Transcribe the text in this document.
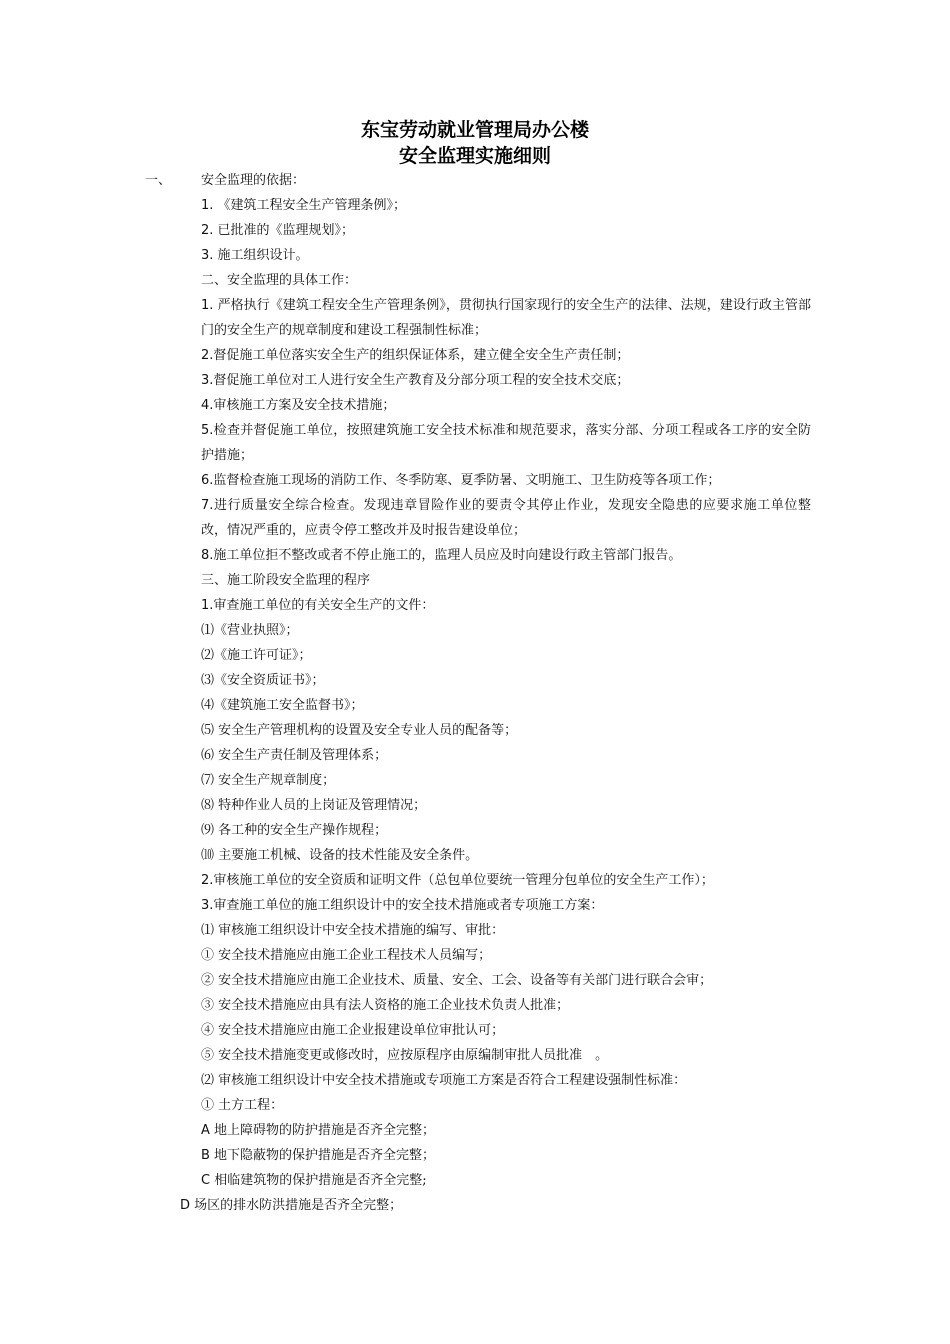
东宝劳动就业管理局办公楼
安全监理实施细则
一、 安全监理的依据：
1. 《建筑工程安全生产管理条例》；
2. 已批准的《监理规划》；
3. 施工组织设计。
二、安全监理的具体工作：
1. 严格执行《建筑工程安全生产管理条例》，贯彻执行国家现行的安全生产的法律、法规，建设行政主管部门的安全生产的规章制度和建设工程强制性标准；
2.督促施工单位落实安全生产的组织保证体系，建立健全安全生产责任制；
3.督促施工单位对工人进行安全生产教育及分部分项工程的安全技术交底；
4.审核施工方案及安全技术措施；
5.检查并督促施工单位，按照建筑施工安全技术标准和规范要求，落实分部、分项工程或各工序的安全防护措施；
6.监督检查施工现场的消防工作、冬季防寒、夏季防暑、文明施工、卫生防疫等各项工作；
7.进行质量安全综合检查。发现违章冒险作业的要责令其停止作业，发现安全隐患的应要求施工单位整改，情况严重的，应责令停工整改并及时报告建设单位；
8.施工单位拒不整改或者不停止施工的，监理人员应及时向建设行政主管部门报告。
三、施工阶段安全监理的程序
1.审查施工单位的有关安全生产的文件：
⑴《营业执照》；
⑵《施工许可证》；
⑶《安全资质证书》；
⑷《建筑施工安全监督书》；
⑸ 安全生产管理机构的设置及安全专业人员的配备等；
⑹ 安全生产责任制及管理体系；
⑺ 安全生产规章制度；
⑻ 特种作业人员的上岗证及管理情况；
⑼ 各工种的安全生产操作规程；
⑽ 主要施工机械、设备的技术性能及安全条件。
2.审核施工单位的安全资质和证明文件（总包单位要统一管理分包单位的安全生产工作）；
3.审查施工单位的施工组织设计中的安全技术措施或者专项施工方案：
⑴ 审核施工组织设计中安全技术措施的编写、审批：
① 安全技术措施应由施工企业工程技术人员编写；
② 安全技术措施应由施工企业技术、质量、安全、工会、设备等有关部门进行联合会审；
③ 安全技术措施应由具有法人资格的施工企业技术负责人批准；
④ 安全技术措施应由施工企业报建设单位审批认可；
⑤ 安全技术措施变更或修改时，应按原程序由原编制审批人员批准　。
⑵ 审核施工组织设计中安全技术措施或专项施工方案是否符合工程建设强制性标准：
① 土方工程：
A 地上障碍物的防护措施是否齐全完整；
B 地下隐蔽物的保护措施是否齐全完整；
C 相临建筑物的保护措施是否齐全完整;
D 场区的排水防洪措施是否齐全完整；
